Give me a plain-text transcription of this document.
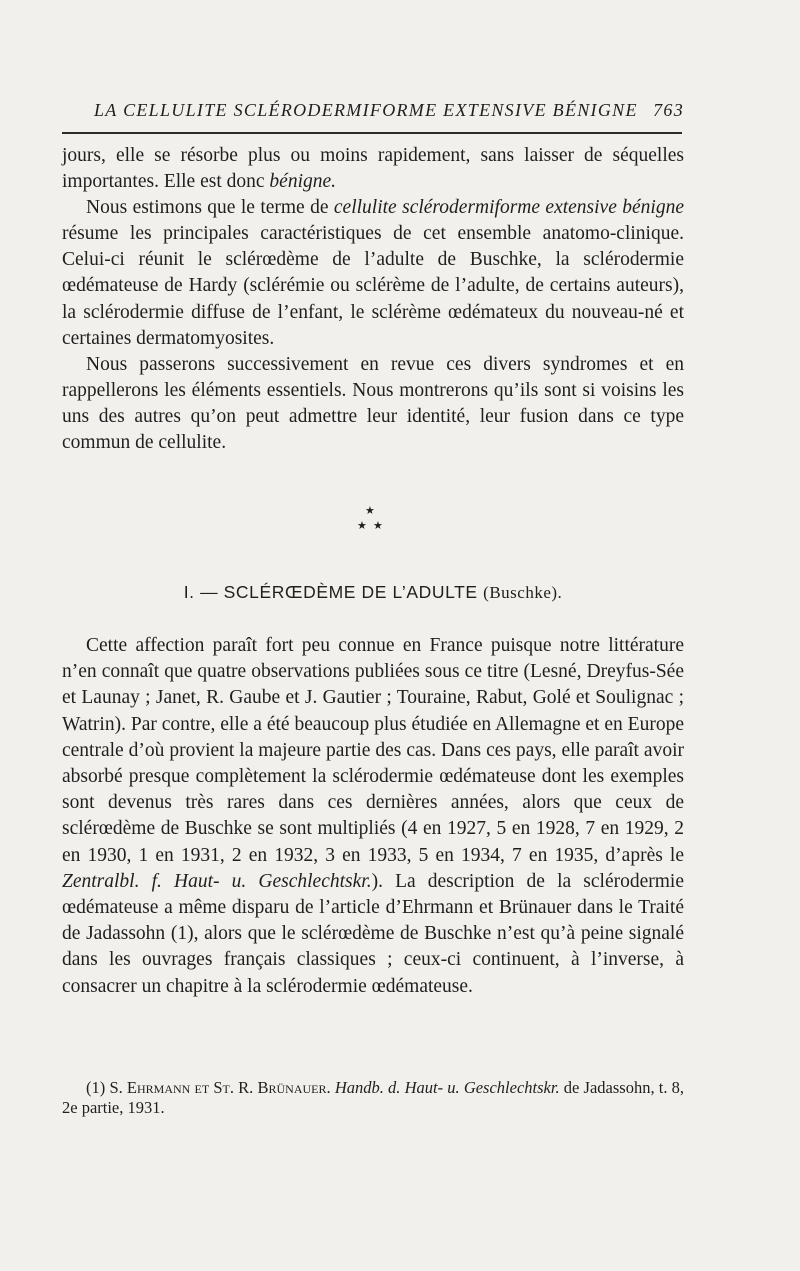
LA CELLULITE SCLÉRODERMIFORME EXTENSIVE BÉNIGNE 763

jours, elle se résorbe plus ou moins rapidement, sans laisser de séquelles importantes. Elle est donc bénigne.

Nous estimons que le terme de cellulite sclérodermiforme extensive bénigne résume les principales caractéristiques de cet ensemble anatomo-clinique. Celui-ci réunit le sclérœdème de l’adulte de Buschke, la sclérodermie œdémateuse de Hardy (sclérémie ou sclérème de l’adulte, de certains auteurs), la sclérodermie diffuse de l’enfant, le sclérème œdémateux du nouveau-né et certaines dermatomyosites.

Nous passerons successivement en revue ces divers syndromes et en rappellerons les éléments essentiels. Nous montrerons qu’ils sont si voisins les uns des autres qu’on peut admettre leur identité, leur fusion dans ce type commun de cellulite.

★
★ ★
I. — SCLÉRŒDÈME DE L’ADULTE (Buschke).

Cette affection paraît fort peu connue en France puisque notre littérature n’en connaît que quatre observations publiées sous ce titre (Lesné, Dreyfus-Sée et Launay ; Janet, R. Gaube et J. Gautier ; Touraine, Rabut, Golé et Soulignac ; Watrin). Par contre, elle a été beaucoup plus étudiée en Allemagne et en Europe centrale d’où provient la majeure partie des cas. Dans ces pays, elle paraît avoir absorbé presque complètement la sclérodermie œdémateuse dont les exemples sont devenus très rares dans ces dernières années, alors que ceux de sclérœdème de Buschke se sont multipliés (4 en 1927, 5 en 1928, 7 en 1929, 2 en 1930, 1 en 1931, 2 en 1932, 3 en 1933, 5 en 1934, 7 en 1935, d’après le Zentralbl. f. Haut- u. Geschlechtskr.). La description de la sclérodermie œdémateuse a même disparu de l’article d’Ehrmann et Brünauer dans le Traité de Jadassohn (1), alors que le sclérœdème de Buschke n’est qu’à peine signalé dans les ouvrages français classiques ; ceux-ci continuent, à l’inverse, à consacrer un chapitre à la sclérodermie œdémateuse.

(1) S. Ehrmann et St. R. Brünauer. Handb. d. Haut- u. Geschlechtskr. de Jadassohn, t. 8, 2e partie, 1931.
